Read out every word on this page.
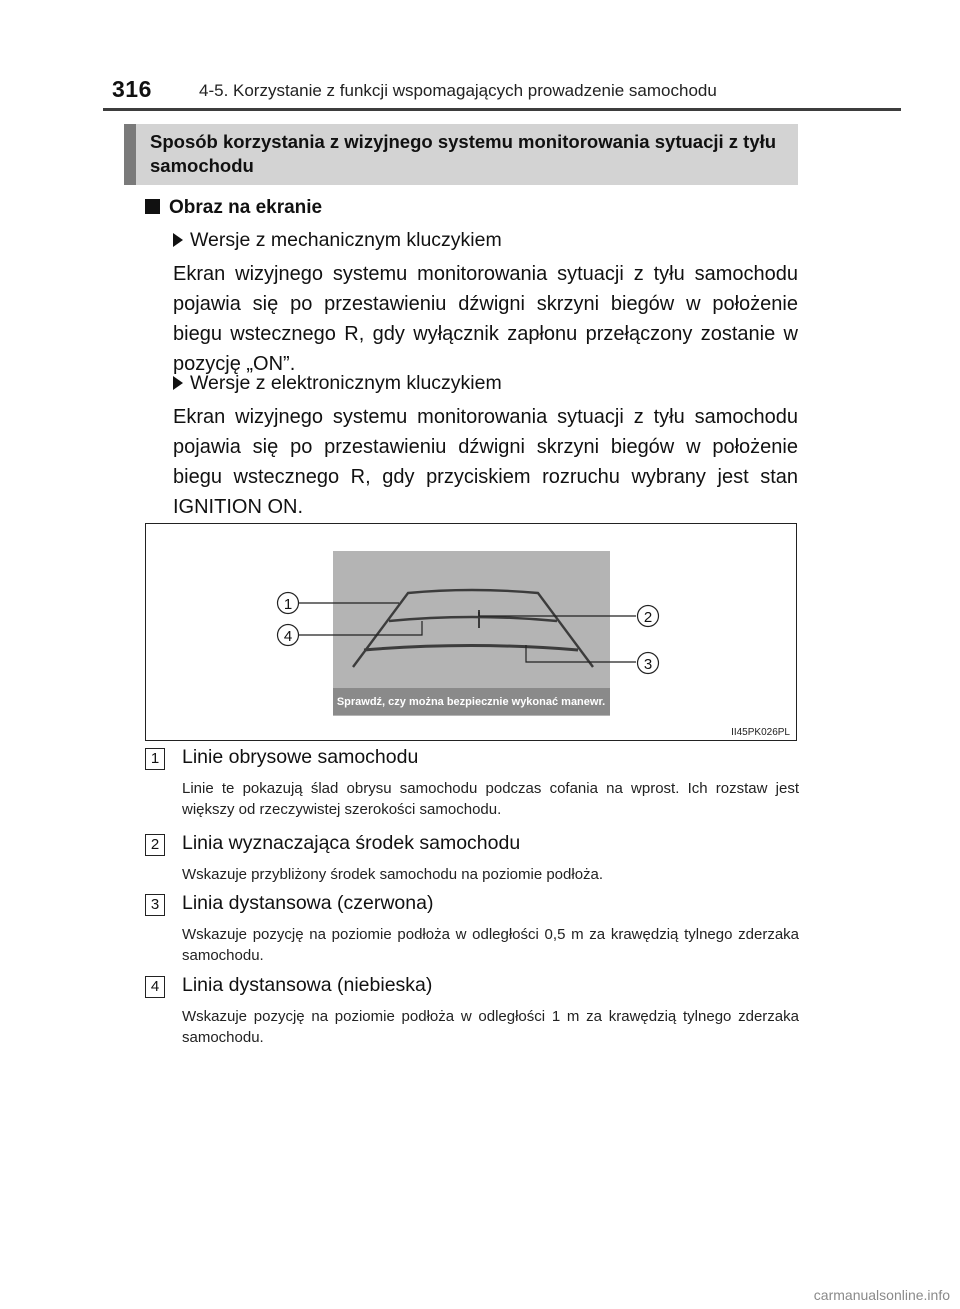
316	4-5. Korzystanie z funkcji wspomagających prowadzenie samochodu
Sposób korzystania z wizyjnego systemu monitorowania sytuacji z tyłu samochodu
Obraz na ekranie
Wersje z mechanicznym kluczykiem
Ekran wizyjnego systemu monitorowania sytuacji z tyłu samochodu pojawia się po przestawieniu dźwigni skrzyni biegów w położenie biegu wstecznego R, gdy wyłącznik zapłonu przełączony zostanie w pozycję „ON”.
Wersje z elektronicznym kluczykiem
Ekran wizyjnego systemu monitorowania sytuacji z tyłu samochodu pojawia się po przestawieniu dźwigni skrzyni biegów w położenie biegu wstecznego R, gdy przyciskiem rozruchu wybrany jest stan IGNITION ON.
Sprawdź, czy można bezpiecznie wykonać manewr.
1
2
3
4
II45PK026PL
1 Linie obrysowe samochodu
Linie te pokazują ślad obrysu samochodu podczas cofania na wprost. Ich rozstaw jest większy od rzeczywistej szerokości samochodu.
2 Linia wyznaczająca środek samochodu
Wskazuje przybliżony środek samochodu na poziomie podłoża.
3 Linia dystansowa (czerwona)
Wskazuje pozycję na poziomie podłoża w odległości 0,5 m za krawędzią tylnego zderzaka samochodu.
4 Linia dystansowa (niebieska)
Wskazuje pozycję na poziomie podłoża w odległości 1 m za krawędzią tylnego zderzaka samochodu.
carmanualsonline.info
